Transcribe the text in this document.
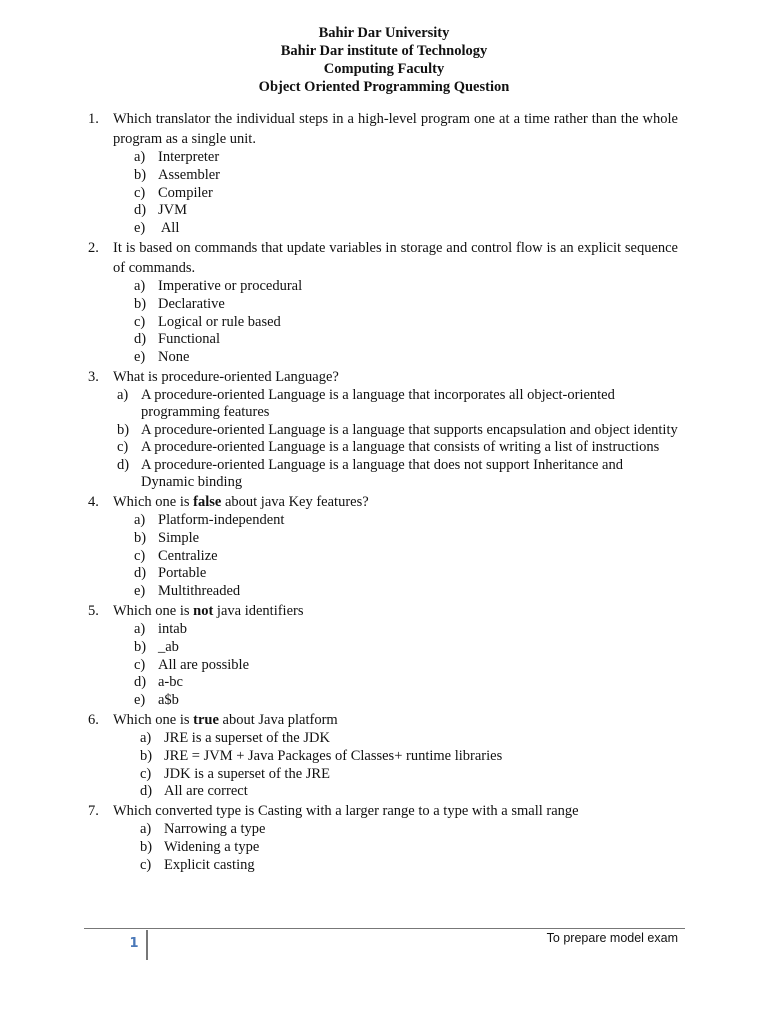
Bahir Dar University
Bahir Dar institute of Technology
Computing Faculty
Object Oriented Programming Question
1. Which translator the individual steps in a high-level program one at a time rather than the whole program as a single unit.
a) Interpreter
b) Assembler
c) Compiler
d) JVM
e) All
2. It is based on commands that update variables in storage and control flow is an explicit sequence of commands.
a) Imperative or procedural
b) Declarative
c) Logical or rule based
d) Functional
e) None
3. What is procedure-oriented Language?
a) A procedure-oriented Language is a language that incorporates all object-oriented programming features
b) A procedure-oriented Language is a language that supports encapsulation and object identity
c) A procedure-oriented Language is a language that consists of writing a list of instructions
d) A procedure-oriented Language is a language that does not support Inheritance and Dynamic binding
4. Which one is false about java Key features?
a) Platform-independent
b) Simple
c) Centralize
d) Portable
e) Multithreaded
5. Which one is not java identifiers
a) intab
b) _ab
c) All are possible
d) a-bc
e) a$b
6. Which one is true about Java platform
a) JRE is a superset of the JDK
b) JRE = JVM + Java Packages of Classes+ runtime libraries
c) JDK is a superset of the JRE
d) All are correct
7. Which converted type is Casting with a larger range to a type with a small range
a) Narrowing a type
b) Widening a type
c) Explicit casting
1	To prepare model exam
